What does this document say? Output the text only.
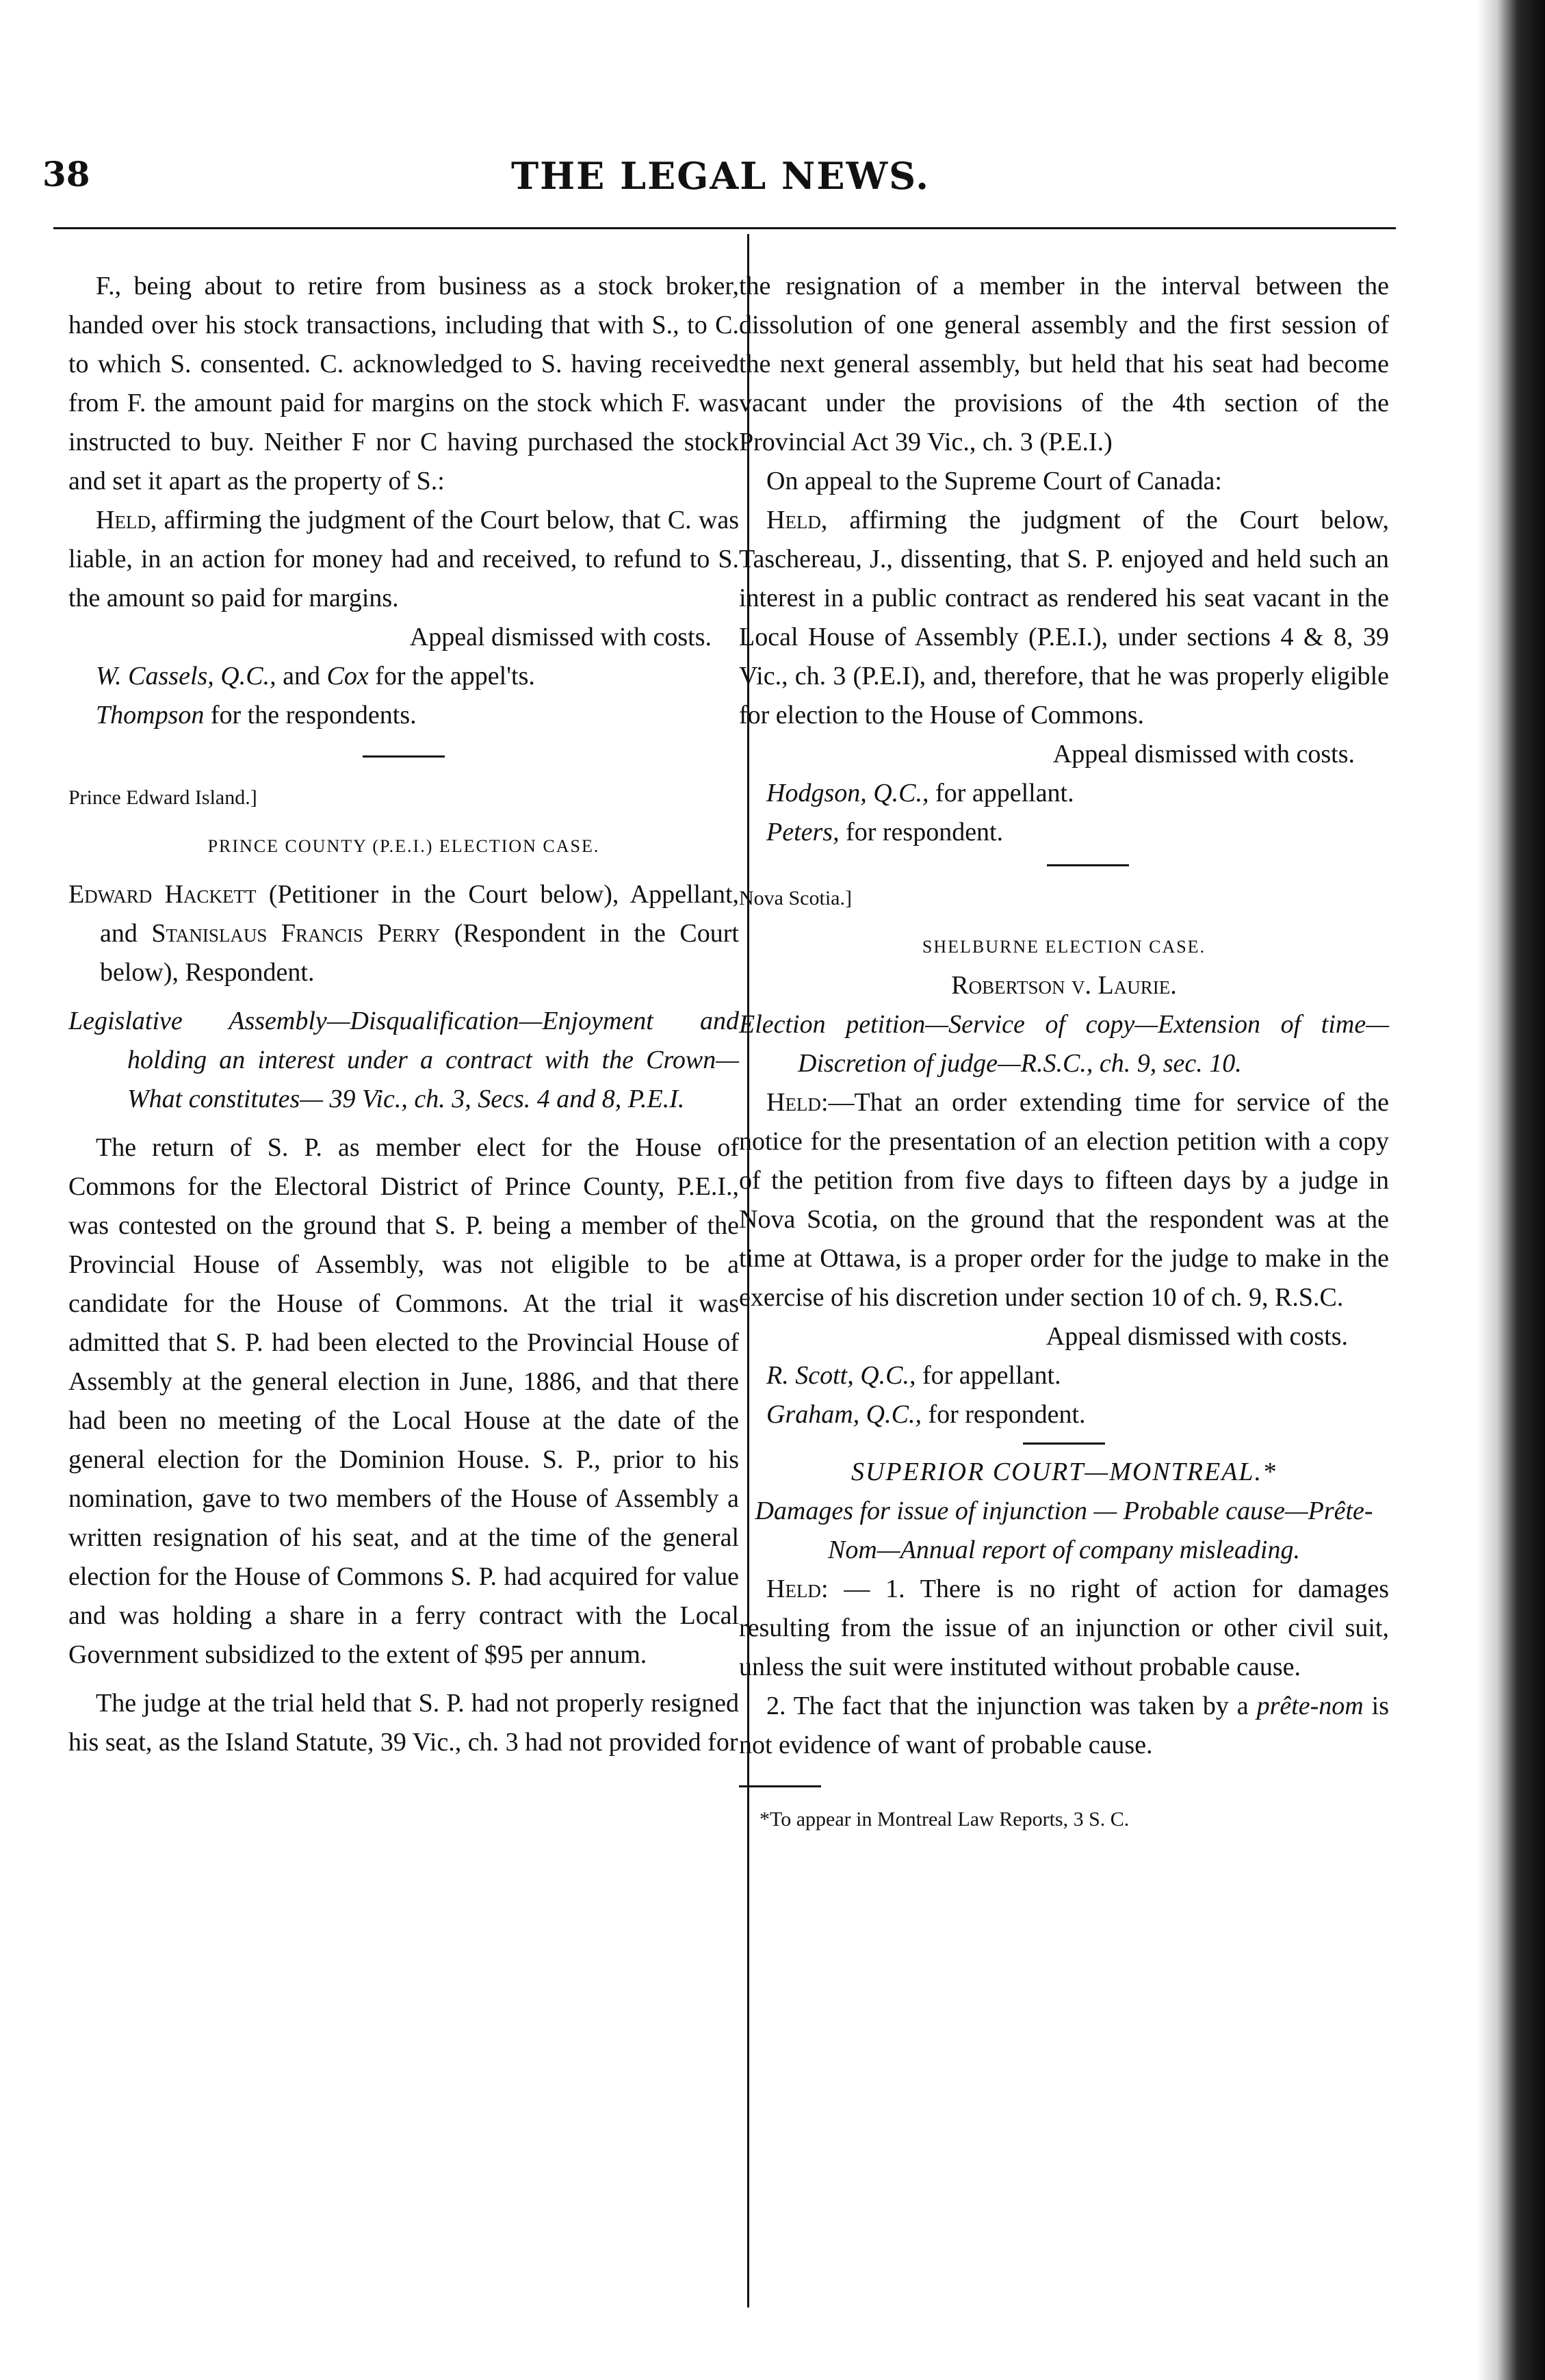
THE LEGAL NEWS.
38

F., being about to retire from business as a stock broker, handed over his stock transactions, including that with S., to C. to which S. consented. C. acknowledged to S. having received from F. the amount paid for margins on the stock which F. was instructed to buy. Neither F nor C having purchased the stock and set it apart as the property of S.:

Held, affirming the judgment of the Court below, that C. was liable, in an action for money had and received, to refund to S. the amount so paid for margins.

Appeal dismissed with costs.

W. Cassels, Q.C., and Cox for the appel'ts.

Thompson for the respondents.

Prince Edward Island.]

PRINCE COUNTY (P.E.I.) ELECTION CASE.

Edward Hackett (Petitioner in the Court below), Appellant, and Stanislaus Francis Perry (Respondent in the Court below), Respondent.

Legislative Assembly—Disqualification—Enjoyment and holding an interest under a contract with the Crown—What constitutes— 39 Vic., ch. 3, Secs. 4 and 8, P.E.I.

The return of S. P. as member elect for the House of Commons for the Electoral District of Prince County, P.E.I., was contested on the ground that S. P. being a member of the Provincial House of Assembly, was not eligible to be a candidate for the House of Commons. At the trial it was admitted that S. P. had been elected to the Provincial House of Assembly at the general election in June, 1886, and that there had been no meeting of the Local House at the date of the general election for the Dominion House. S. P., prior to his nomination, gave to two members of the House of Assembly a written resignation of his seat, and at the time of the general election for the House of Commons S. P. had acquired for value and was holding a share in a ferry contract with the Local Government subsidized to the extent of $95 per annum.

The judge at the trial held that S. P. had not properly resigned his seat, as the Island Statute, 39 Vic., ch. 3 had not provided for

the resignation of a member in the interval between the dissolution of one general assembly and the first session of the next general assembly, but held that his seat had become vacant under the provisions of the 4th section of the Provincial Act 39 Vic., ch. 3 (P.E.I.)

On appeal to the Supreme Court of Canada:

Held, affirming the judgment of the Court below, Taschereau, J., dissenting, that S. P. enjoyed and held such an interest in a public contract as rendered his seat vacant in the Local House of Assembly (P.E.I.), under sections 4 & 8, 39 Vic., ch. 3 (P.E.I), and, therefore, that he was properly eligible for election to the House of Commons.

Appeal dismissed with costs.

Hodgson, Q.C., for appellant.

Peters, for respondent.

Nova Scotia.]

SHELBURNE ELECTION CASE.

Robertson v. Laurie.

Election petition—Service of copy—Extension of time—Discretion of judge—R.S.C., ch. 9, sec. 10.

Held:—That an order extending time for service of the notice for the presentation of an election petition with a copy of the petition from five days to fifteen days by a judge in Nova Scotia, on the ground that the respondent was at the time at Ottawa, is a proper order for the judge to make in the exercise of his discretion under section 10 of ch. 9, R.S.C.

Appeal dismissed with costs.

R. Scott, Q.C., for appellant.

Graham, Q.C., for respondent.

SUPERIOR COURT—MONTREAL.*

Damages for issue of injunction — Probable cause—Prête-Nom—Annual report of company misleading.

Held: — 1. There is no right of action for damages resulting from the issue of an injunction or other civil suit, unless the suit were instituted without probable cause.

2. The fact that the injunction was taken by a prête-nom is not evidence of want of probable cause.

*To appear in Montreal Law Reports, 3 S. C.
